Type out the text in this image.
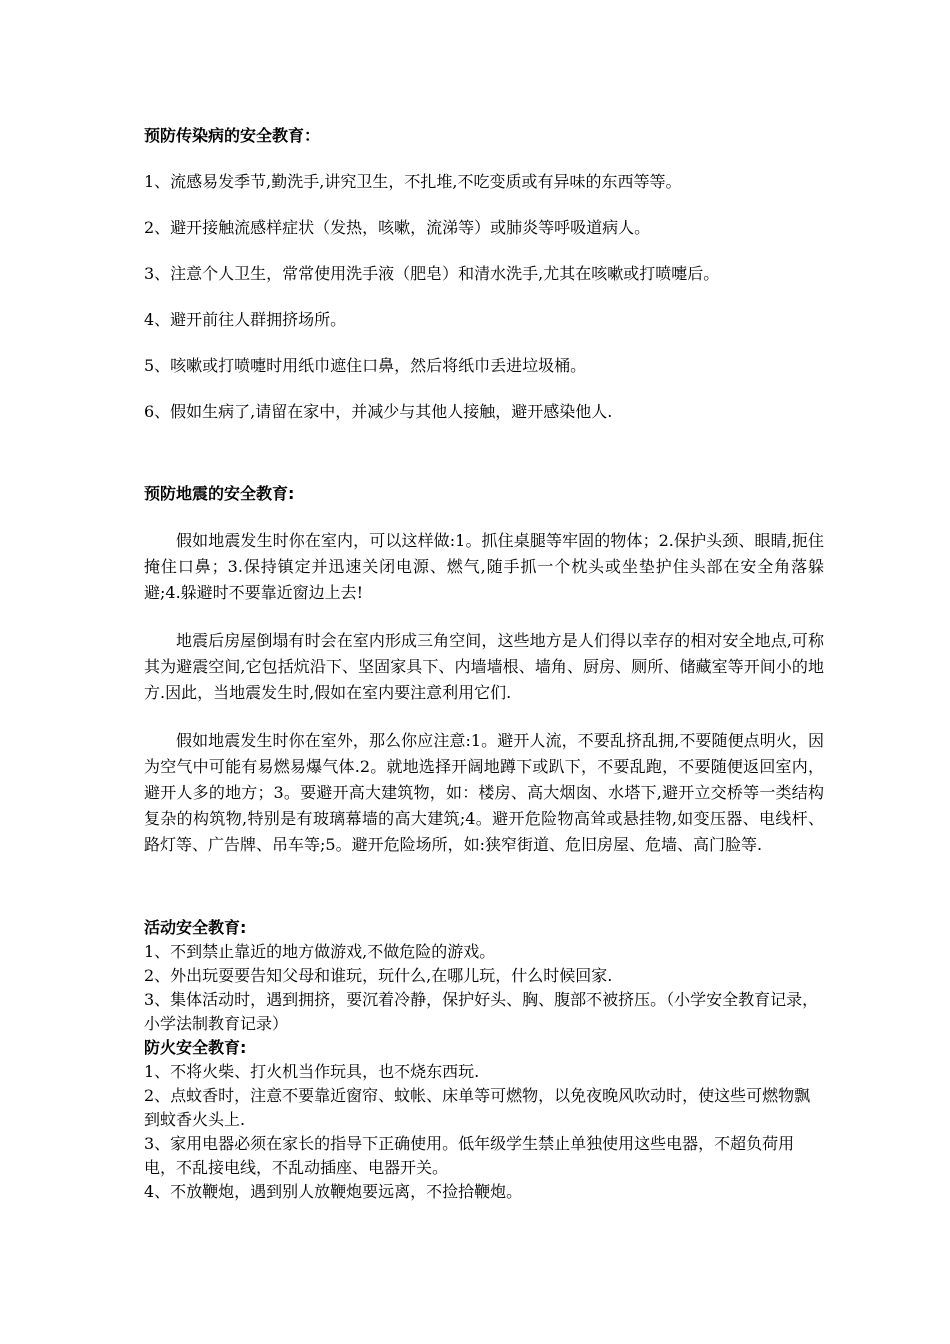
预防传染病的安全教育：

1、流感易发季节,勤洗手,讲究卫生，不扎堆,不吃变质或有异味的东西等等。

2、避开接触流感样症状（发热，咳嗽，流涕等）或肺炎等呼吸道病人。

3、注意个人卫生，常常使用洗手液（肥皂）和清水洗手,尤其在咳嗽或打喷嚏后。

4、避开前往人群拥挤场所。

5、咳嗽或打喷嚏时用纸巾遮住口鼻，然后将纸巾丢进垃圾桶。

6、假如生病了,请留在家中，并减少与其他人接触，避开感染他人.

预防地震的安全教育:

假如地震发生时你在室内，可以这样做:1。抓住桌腿等牢固的物体；2.保护头颈、眼睛,扼住掩住口鼻；3.保持镇定并迅速关闭电源、燃气,随手抓一个枕头或坐垫护住头部在安全角落躲避;4.躲避时不要靠近窗边上去!

地震后房屋倒塌有时会在室内形成三角空间，这些地方是人们得以幸存的相对安全地点,可称其为避震空间,它包括炕沿下、坚固家具下、内墙墙根、墙角、厨房、厕所、储藏室等开间小的地方.因此，当地震发生时,假如在室内要注意利用它们.

假如地震发生时你在室外，那么你应注意:1。避开人流，不要乱挤乱拥,不要随便点明火，因为空气中可能有易燃易爆气体.2。就地选择开阔地蹲下或趴下，不要乱跑，不要随便返回室内，避开人多的地方；3。要避开高大建筑物，如：楼房、高大烟囱、水塔下,避开立交桥等一类结构复杂的构筑物,特别是有玻璃幕墙的高大建筑;4。避开危险物高耸或悬挂物,如变压器、电线杆、路灯等、广告牌、吊车等;5。避开危险场所，如:狭窄街道、危旧房屋、危墙、高门脸等.

活动安全教育:

1、不到禁止靠近的地方做游戏,不做危险的游戏。

2、外出玩耍要告知父母和谁玩，玩什么,在哪儿玩，什么时候回家.

3、集体活动时，遇到拥挤，要沉着冷静，保护好头、胸、腹部不被挤压。（小学安全教育记录，小学法制教育记录）

防火安全教育:

1、不将火柴、打火机当作玩具，也不烧东西玩.

2、点蚊香时，注意不要靠近窗帘、蚊帐、床单等可燃物，以免夜晚风吹动时，使这些可燃物飘到蚊香火头上.

3、家用电器必须在家长的指导下正确使用。低年级学生禁止单独使用这些电器，不超负荷用电，不乱接电线，不乱动插座、电器开关。

4、不放鞭炮，遇到别人放鞭炮要远离，不捡拾鞭炮。
